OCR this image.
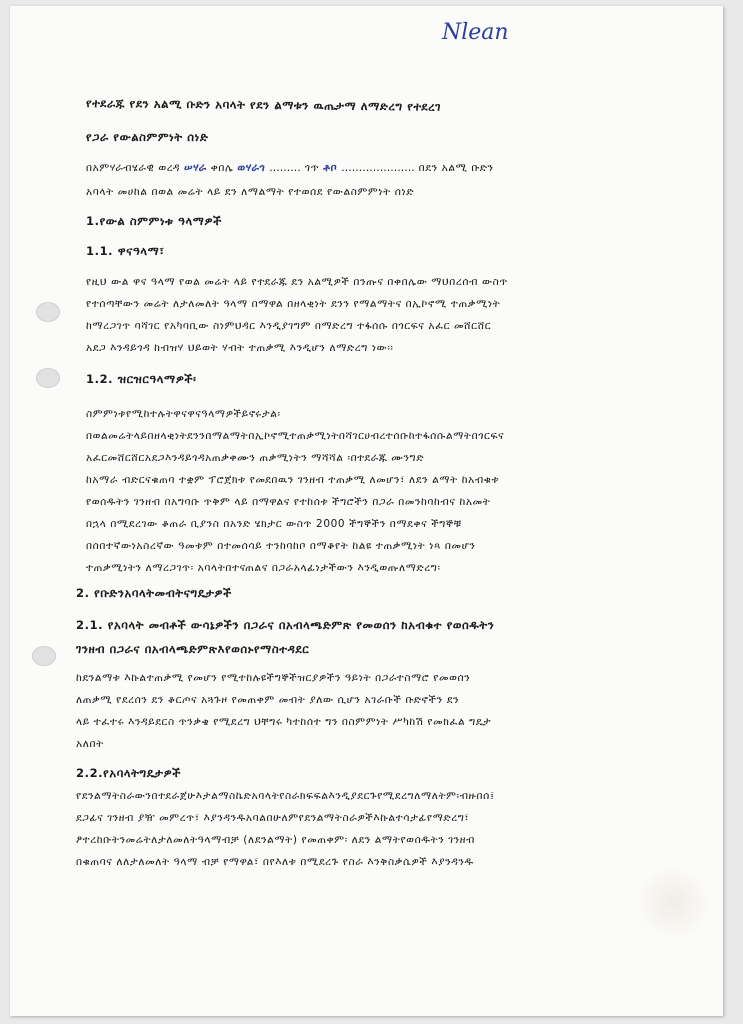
Nlean
የተደራጁ የደን አልሚ ቡድን አባላት የደን ልማቱን ዉጤታማ ለማድረግ የተደረገ
የጋራ የውልስምምነት ሰነድ
በአምሃራብሄራዊ ወረዳ ሠሃራ ቀበሌ ወሃራጎ ……… ጎጥ ቶቦ ………………… በደን አልሚ ቡድን
አባላት መሀከል በወል መሬት ላይ ደን ለማልማት የተወሰደ የውልስምምነት ሰነድ
1.የውል ስምምነቱ ዓላማዎች
1.1. ዋናዓላማ፣
የዚህ ውል ዋና ዓላማ የወል መሬት ላይ የተደራጁ ደን አልሚዎች በንጡና በቀበሌው ማህበረሰብ ውስጥ
የተሰጣቸውን መሬት ለታለመለት ዓላማ በማዋል በዘላቂነት ደንን የማልማትና በኢኮኖሚ ተጠቃሚነት
ከማረጋገጥ ባሻገር የአካባቢው ስነምህዳር እንዲያገግም በማድረግ ተፋሰሱ በጎርፍና አፈር መሸርሸር
አደጋ እንዳይጎዳ ከብዝሃ ህይወት ሃብት ተጠቃሚ እንዲሆን ለማድረግ ነው፡፡
1.2. ዝርዝርዓላማዎች፡
ስምምነቱየሚከተሉትዋናዋናዓላማዎችይኖሩታል፡
በወልመሬትላይበዘላቂነትደንንበማልማትበኢኮኖሚተጠቃሚነትበሻገርሀብረተሰቡከተፋሰሱልማትበጎርፍና
አፈርመሸርሸርአደጋእንዳይጎዳአጠቃቀሙን ጠቃሚነትን ማሻሻል ፡በተደራጁ ሙንግድ
ከአማራ ብድርናቁጠባ ተቋም ፕሮጀክቱ የመደበዉን ገንዘብ ተጠቃሚ ለመሆን፣ ለደን ልማት ከአብቁቱ
የወሰዱትን ገንዘብ በአግባቡ ጥቅም ላይ በማዋልና የተከሰቱ ችግሮችን በጋራ በመንከባከብና ከአመት
በኋላ በሚደረገው ቆጠራ ቢያንስ በአንድ ሄክታር ውስጥ 2000 ችግኞችን በማደቀና ችግኞቹ
በሰበተኛውነአስረኛው ዓመቱም በተመሰሳይ ተንከባከቦ በማቆየት ከልዩ ተጠቃሚነት ነጻ በመሆን
ተጠቃሚነትን ለማረጋገጥ፡ አባላትበተናጠልና በጋራአላፊነታችውን እንዲወጡለማድረግ፡
2. የቡድንአባላትመብትናግዴታዎች
2.1. የአባላት መብቶች ውሳኔዎችን በጋራና በአብላጫድምጽ የመወሰን ከአብቁተ የወሰዱትን
ገንዘብ በጋራና በአብላጫድምጽእየወሰኑየማስተዳደር
ከደንልማቱ እኩልተጠቃሚ የመሆን የሚተከሉዩችግኞችዝርያዎችን ዓይነት በጋራተስማሮ የመወሰን
ለጠቃሚ የደረሰን ደን ቆርጦና አጓጉዞ የመጠቀም መብት ያለው ሲሆን አገራቡች ቡድኖችን ደን
ላይ ተፈተሩ እንዳይደርስ ጥንቃቄ የሚደረግ ህቸግሩ ካተከሰተ ግን በስምምነት ሥካከሽ የመክፈል ግዴታ
አለበት
2.2.የአባላትግዴታዎች
የደንልማትስራውንበተደራጀሁእታልማስኬድአባላትየስራክፍፍልእንዲያደርጉየሚደረግለማለትም፡ብዙበሰ፤
ደጋፊና ገንዘብ ያዥ መምረጥ፣ እያንዳንዱአባልበሁለምየደንልማትስራዎችእኩልተሳታፊየማድረግ፣
ፆተረከቡትንመሬትለታለመለትዓላማብቻ (ለደንልማት) የመጠቀም፡ ለደን ልማትየወሰዱትን ገንዘብ
በቁጠባና ለለታለመለት ዓላማ ብቻ የማዋል፣ በየእለቱ በሚደረጉ የስራ እንቅስቃሴዎች እያንዳንዱ
